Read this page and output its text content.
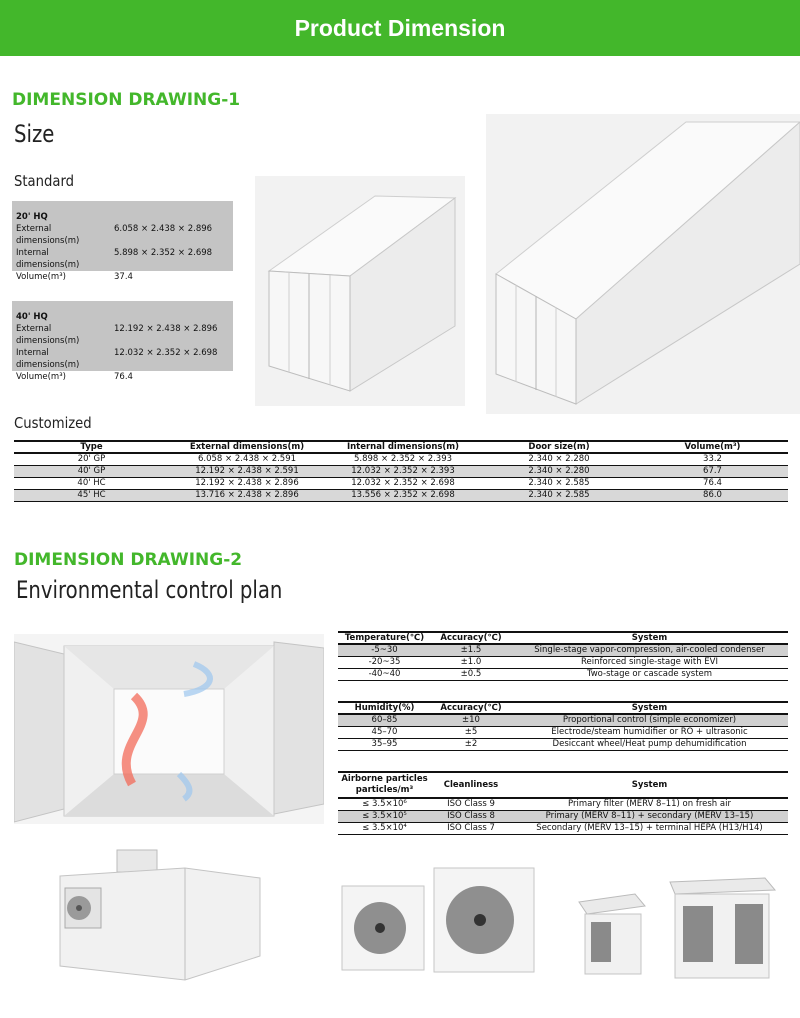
Product Dimension
DIMENSION DRAWING-1
Size
Standard
20' HQ
External dimensions(m)
6.058 × 2.438 × 2.896
Internal dimensions(m)
5.898 × 2.352 × 2.698
Volume(m³)	37.4
40' HQ
External dimensions(m)
12.192 × 2.438 × 2.896
Internal dimensions(m)
12.032 × 2.352 × 2.698
Volume(m³)	76.4
Customized
Type	External dimensions(m)	Internal dimensions(m)	Door size(m)	Volume(m³)
20' GP	6.058 × 2.438 × 2.591	5.898 × 2.352 × 2.393	2.340 × 2.280	33.2
40' GP	12.192 × 2.438 × 2.591	12.032 × 2.352 × 2.393	2.340 × 2.280	67.7
40' HC	12.192 × 2.438 × 2.896	12.032 × 2.352 × 2.698	2.340 × 2.585	76.4
45' HC	13.716 × 2.438 × 2.896	13.556 × 2.352 × 2.698	2.340 × 2.585	86.0
DIMENSION DRAWING-2
Environmental control plan
Temperature(℃)	Accuracy(℃)	System
-5~30	±1.5	Single-stage vapor-compression, air-cooled condenser
-20~35	±1.0	Reinforced single-stage with EVI
-40~40	±0.5	Two-stage or cascade system
Humidity(%)	Accuracy(℃)	System
60–85	±10	Proportional control (simple economizer)
45–70	±5	Electrode/steam humidifier or RO + ultrasonic
35–95	±2	Desiccant wheel/Heat pump dehumidification
Airborne particles particles/m³	Cleanliness	System
≤ 3.5×10⁶	ISO Class 9	Primary filter (MERV 8–11) on fresh air
≤ 3.5×10⁵	ISO Class 8	Primary (MERV 8–11) + secondary (MERV 13–15)
≤ 3.5×10⁴	ISO Class 7	Secondary (MERV 13–15) + terminal HEPA (H13/H14)
